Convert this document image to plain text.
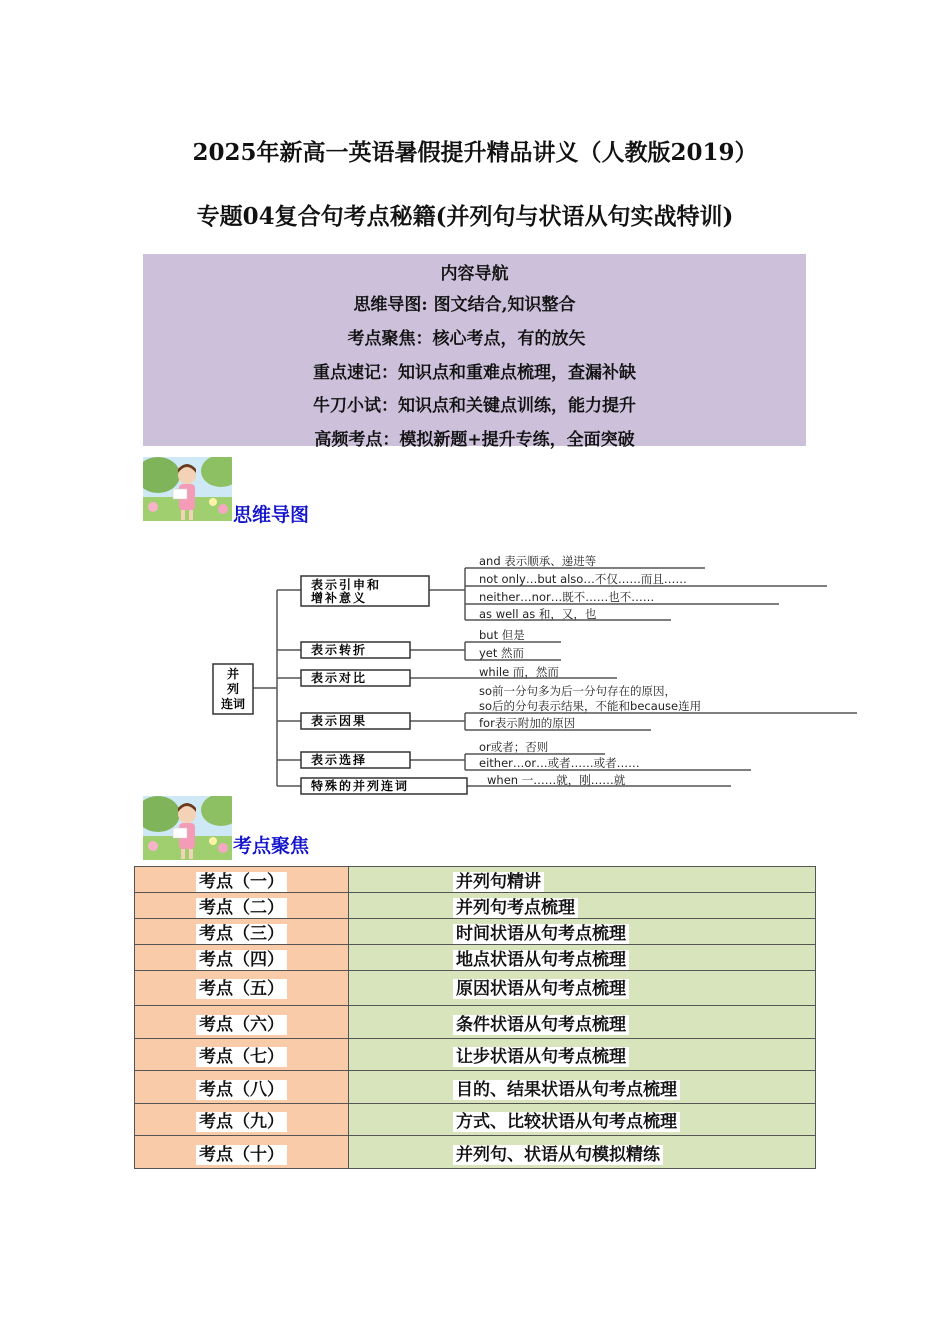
2025年新高一英语暑假提升精品讲义（人教版2019）
专题04复合句考点秘籍(并列句与状语从句实战特训)
内容导航
思维导图: 图文结合,知识整合
考点聚焦：核心考点，有的放矢
重点速记：知识点和重难点梳理，查漏补缺
牛刀小试：知识点和关键点训练，能力提升
高频考点：模拟新题+提升专练，全面突破
思维导图
并
列
连词
表示引申和
增补意义
表示转折
表示对比
表示因果
表示选择
特殊的并列连词
and 表示顺承、递进等
not only…but also…不仅……而且……
neither…nor…既不……也不……
as well as 和，又，也
but 但是
yet 然而
while 而，然而
so前一分句多为后一分句存在的原因，
so后的分句表示结果，不能和because连用
for表示附加的原因
or或者；否则
either…or…或者……或者……
when 一……就，刚……就
考点聚焦
考点（一）	并列句精讲
考点（二）	并列句考点梳理
考点（三）	时间状语从句考点梳理
考点（四）	地点状语从句考点梳理
考点（五）	原因状语从句考点梳理
考点（六）	条件状语从句考点梳理
考点（七）	让步状语从句考点梳理
考点（八）	目的、结果状语从句考点梳理
考点（九）	方式、比较状语从句考点梳理
考点（十）	并列句、状语从句模拟精练
